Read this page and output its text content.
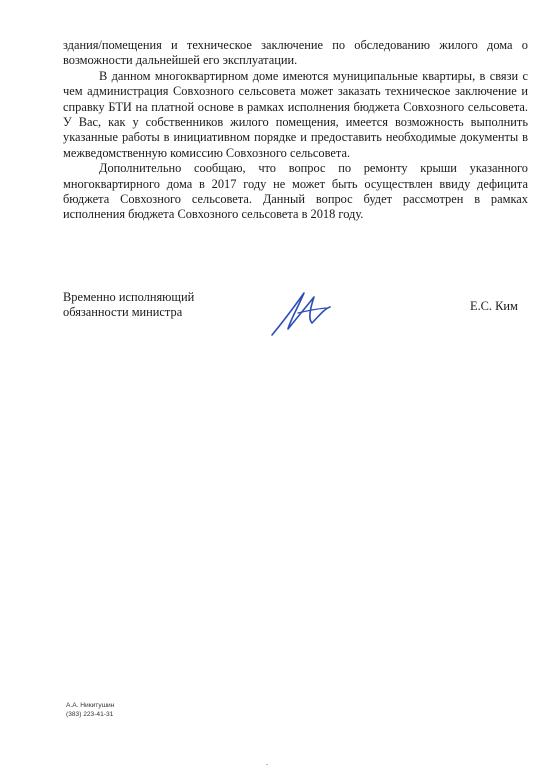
здания/помещения и техническое заключение по обследованию жилого дома о возможности дальнейшей его эксплуатации.

В данном многоквартирном доме имеются муниципальные квартиры, в связи с чем администрация Совхозного сельсовета может заказать техническое заключение и справку БТИ на платной основе в рамках исполнения бюджета Совхозного сельсовета. У Вас, как у собственников жилого помещения, имеется возможность выполнить указанные работы в инициативном порядке и предоставить необходимые документы в межведомственную комиссию Совхозного сельсовета.

Дополнительно сообщаю, что вопрос по ремонту крыши указанного многоквартирного дома в 2017 году не может быть осуществлен ввиду дефицита бюджета Совхозного сельсовета. Данный вопрос будет рассмотрен в рамках исполнения бюджета Совхозного сельсовета в 2018 году.

Временно исполняющий
обязанности министра	Е.С. Ким
А.А. Никитушин
(383) 223-41-31
-
